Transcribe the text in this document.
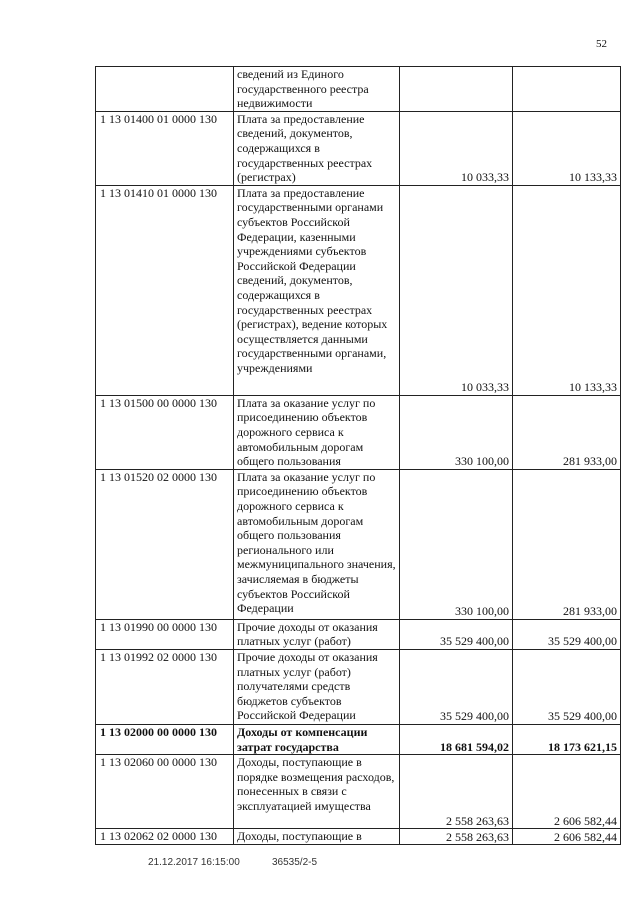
52
	сведений из Единого государственного реестра недвижимости		
1 13 01400 01 0000 130	Плата за предоставление сведений, документов, содержащихся в государственных реестрах (регистрах)	10 033,33	10 133,33
1 13 01410 01 0000 130	Плата за предоставление государственными органами субъектов Российской Федерации, казенными учреждениями субъектов Российской Федерации сведений, документов, содержащихся в государственных реестрах (регистрах), ведение которых осуществляется данными государственными органами, учреждениями	10 033,33	10 133,33
1 13 01500 00 0000 130	Плата за оказание услуг по присоединению объектов дорожного сервиса к автомобильным дорогам общего пользования	330 100,00	281 933,00
1 13 01520 02 0000 130	Плата за оказание услуг по присоединению объектов дорожного сервиса к автомобильным дорогам общего пользования регионального или межмуниципального значения, зачисляемая в бюджеты субъектов Российской Федерации	330 100,00	281 933,00
1 13 01990 00 0000 130	Прочие доходы от оказания платных услуг (работ)	35 529 400,00	35 529 400,00
1 13 01992 02 0000 130	Прочие доходы от оказания платных услуг (работ) получателями средств бюджетов субъектов Российской Федерации	35 529 400,00	35 529 400,00
1 13 02000 00 0000 130	Доходы от компенсации затрат государства	18 681 594,02	18 173 621,15
1 13 02060 00 0000 130	Доходы, поступающие в порядке возмещения расходов, понесенных в связи с эксплуатацией имущества	2 558 263,63	2 606 582,44
1 13 02062 02 0000 130	Доходы, поступающие в	2 558 263,63	2 606 582,44
21.12.2017 16:15:00	36535/2-5
